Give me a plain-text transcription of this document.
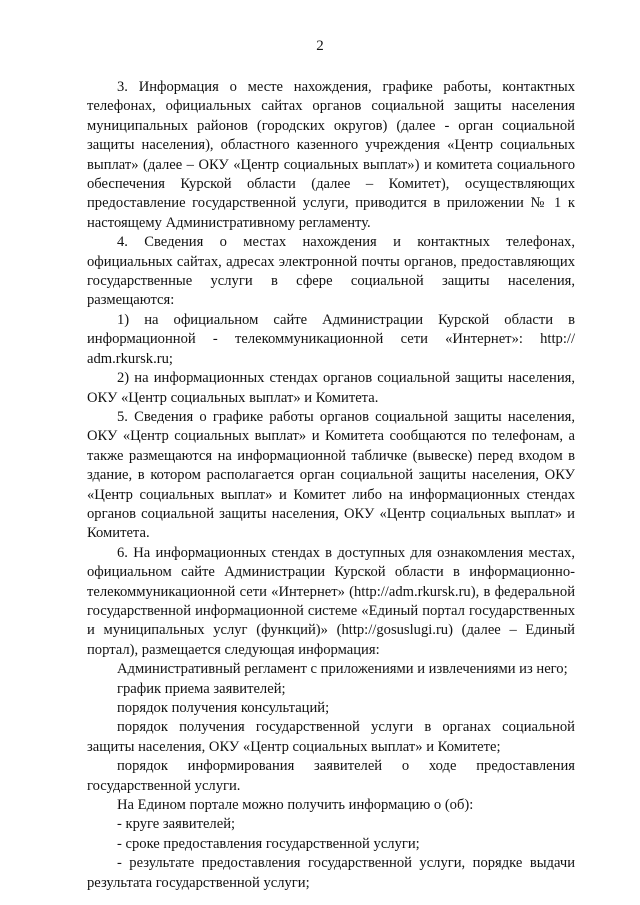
2

3. Информация о месте нахождения, графике работы, контактных телефонах, официальных сайтах органов социальной защиты населения муниципальных районов (городских округов) (далее - орган социальной защиты населения), областного казенного учреждения «Центр социальных выплат» (далее – ОКУ «Центр социальных выплат») и комитета социального обеспечения Курской области (далее – Комитет), осуществляющих предоставление государственной услуги, приводится в приложении № 1 к настоящему Административному регламенту.

4. Сведения о местах нахождения и контактных телефонах, официальных сайтах, адресах электронной почты органов, предоставляющих государственные услуги в сфере социальной защиты населения, размещаются:

1) на официальном сайте Администрации Курской области в информационной - телекоммуникационной сети «Интернет»: http:// adm.rkursk.ru;

2) на информационных стендах органов социальной защиты населения, ОКУ «Центр социальных выплат» и Комитета.

5. Сведения о графике работы органов социальной защиты населения, ОКУ «Центр социальных выплат» и Комитета сообщаются по телефонам, а также размещаются на информационной табличке (вывеске) перед входом в здание, в котором располагается орган социальной защиты населения, ОКУ «Центр социальных выплат» и Комитет либо на информационных стендах органов социальной защиты населения, ОКУ «Центр социальных выплат» и Комитета.

6. На информационных стендах в доступных для ознакомления местах, официальном сайте Администрации Курской области в информационно-телекоммуникационной сети «Интернет» (http://adm.rkursk.ru), в федеральной государственной информационной системе «Единый портал государственных и муниципальных услуг (функций)» (http://gosuslugi.ru) (далее – Единый портал), размещается следующая информация:

Административный регламент с приложениями и извлечениями из него;

график приема заявителей;

порядок получения консультаций;

порядок получения государственной услуги в органах социальной защиты населения, ОКУ «Центр социальных выплат» и Комитете;

порядок информирования заявителей о ходе предоставления государственной услуги.

На Едином портале можно получить информацию о (об):

- круге заявителей;

- сроке предоставления государственной услуги;

- результате предоставления государственной услуги, порядке выдачи результата государственной услуги;
